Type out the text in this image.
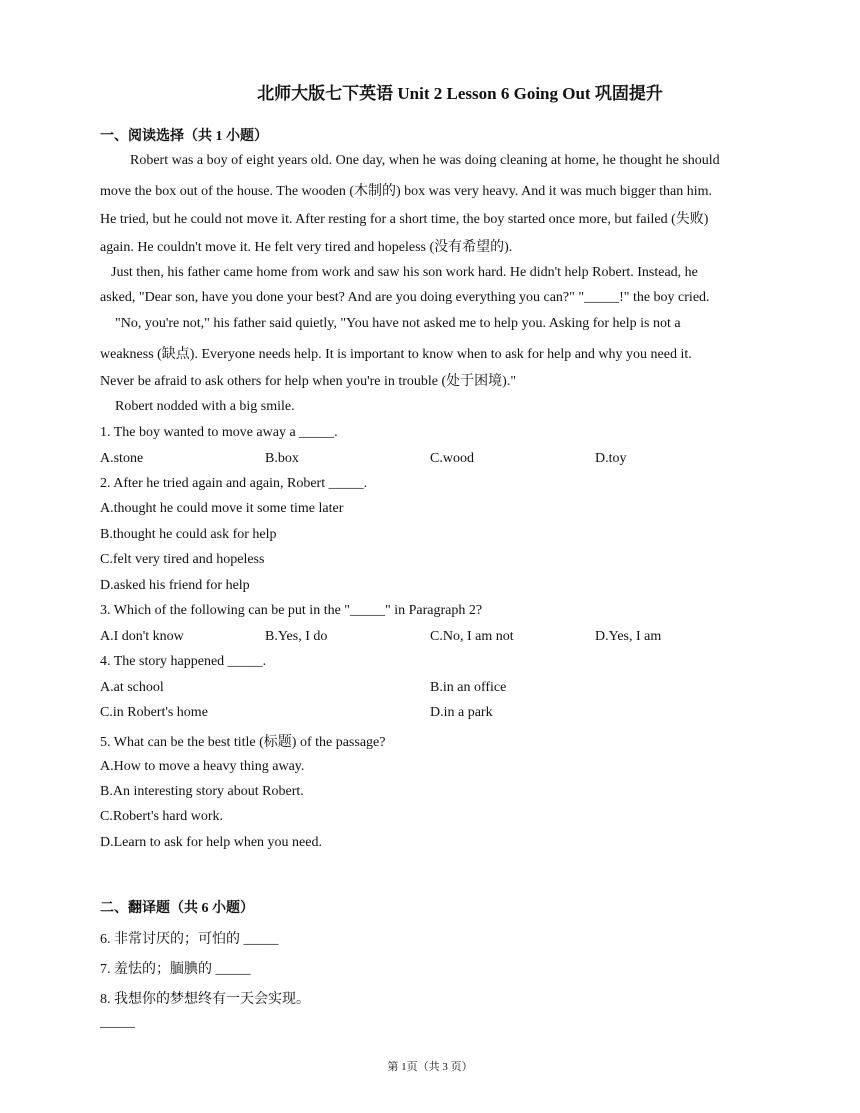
北师大版七下英语 Unit 2 Lesson 6 Going Out 巩固提升
一、阅读选择（共 1 小题）
Robert was a boy of eight years old. One day, when he was doing cleaning at home, he thought he should
move the box out of the house. The wooden (木制的) box was very heavy. And it was much bigger than him.
He tried, but he could not move it. After resting for a short time, the boy started once more, but failed (失败)
again. He couldn't move it. He felt very tired and hopeless (没有希望的).
Just then, his father came home from work and saw his son work hard. He didn't help Robert. Instead, he
asked, "Dear son, have you done your best? And are you doing everything you can?" "_____!" the boy cried.
"No, you're not," his father said quietly, "You have not asked me to help you. Asking for help is not a
weakness (缺点). Everyone needs help. It is important to know when to ask for help and why you need it.
Never be afraid to ask others for help when you're in trouble (处于困境)."
Robert nodded with a big smile.
1. The boy wanted to move away a _____.
A.stone	B.box	C.wood	D.toy
2. After he tried again and again, Robert _____.
A.thought he could move it some time later
B.thought he could ask for help
C.felt very tired and hopeless
D.asked his friend for help
3. Which of the following can be put in the "_____" in Paragraph 2?
A.I don't know	B.Yes, I do	C.No, I am not	D.Yes, I am
4. The story happened _____.
A.at school	B.in an office
C.in Robert's home	D.in a park
5. What can be the best title (标题) of the passage?
A.How to move a heavy thing away.
B.An interesting story about Robert.
C.Robert's hard work.
D.Learn to ask for help when you need.
二、翻译题（共 6 小题）
6. 非常讨厌的；可怕的 _____
7. 羞怯的；腼腆的 _____
8. 我想你的梦想终有一天会实现。
_____
第 1页（共 3 页）
